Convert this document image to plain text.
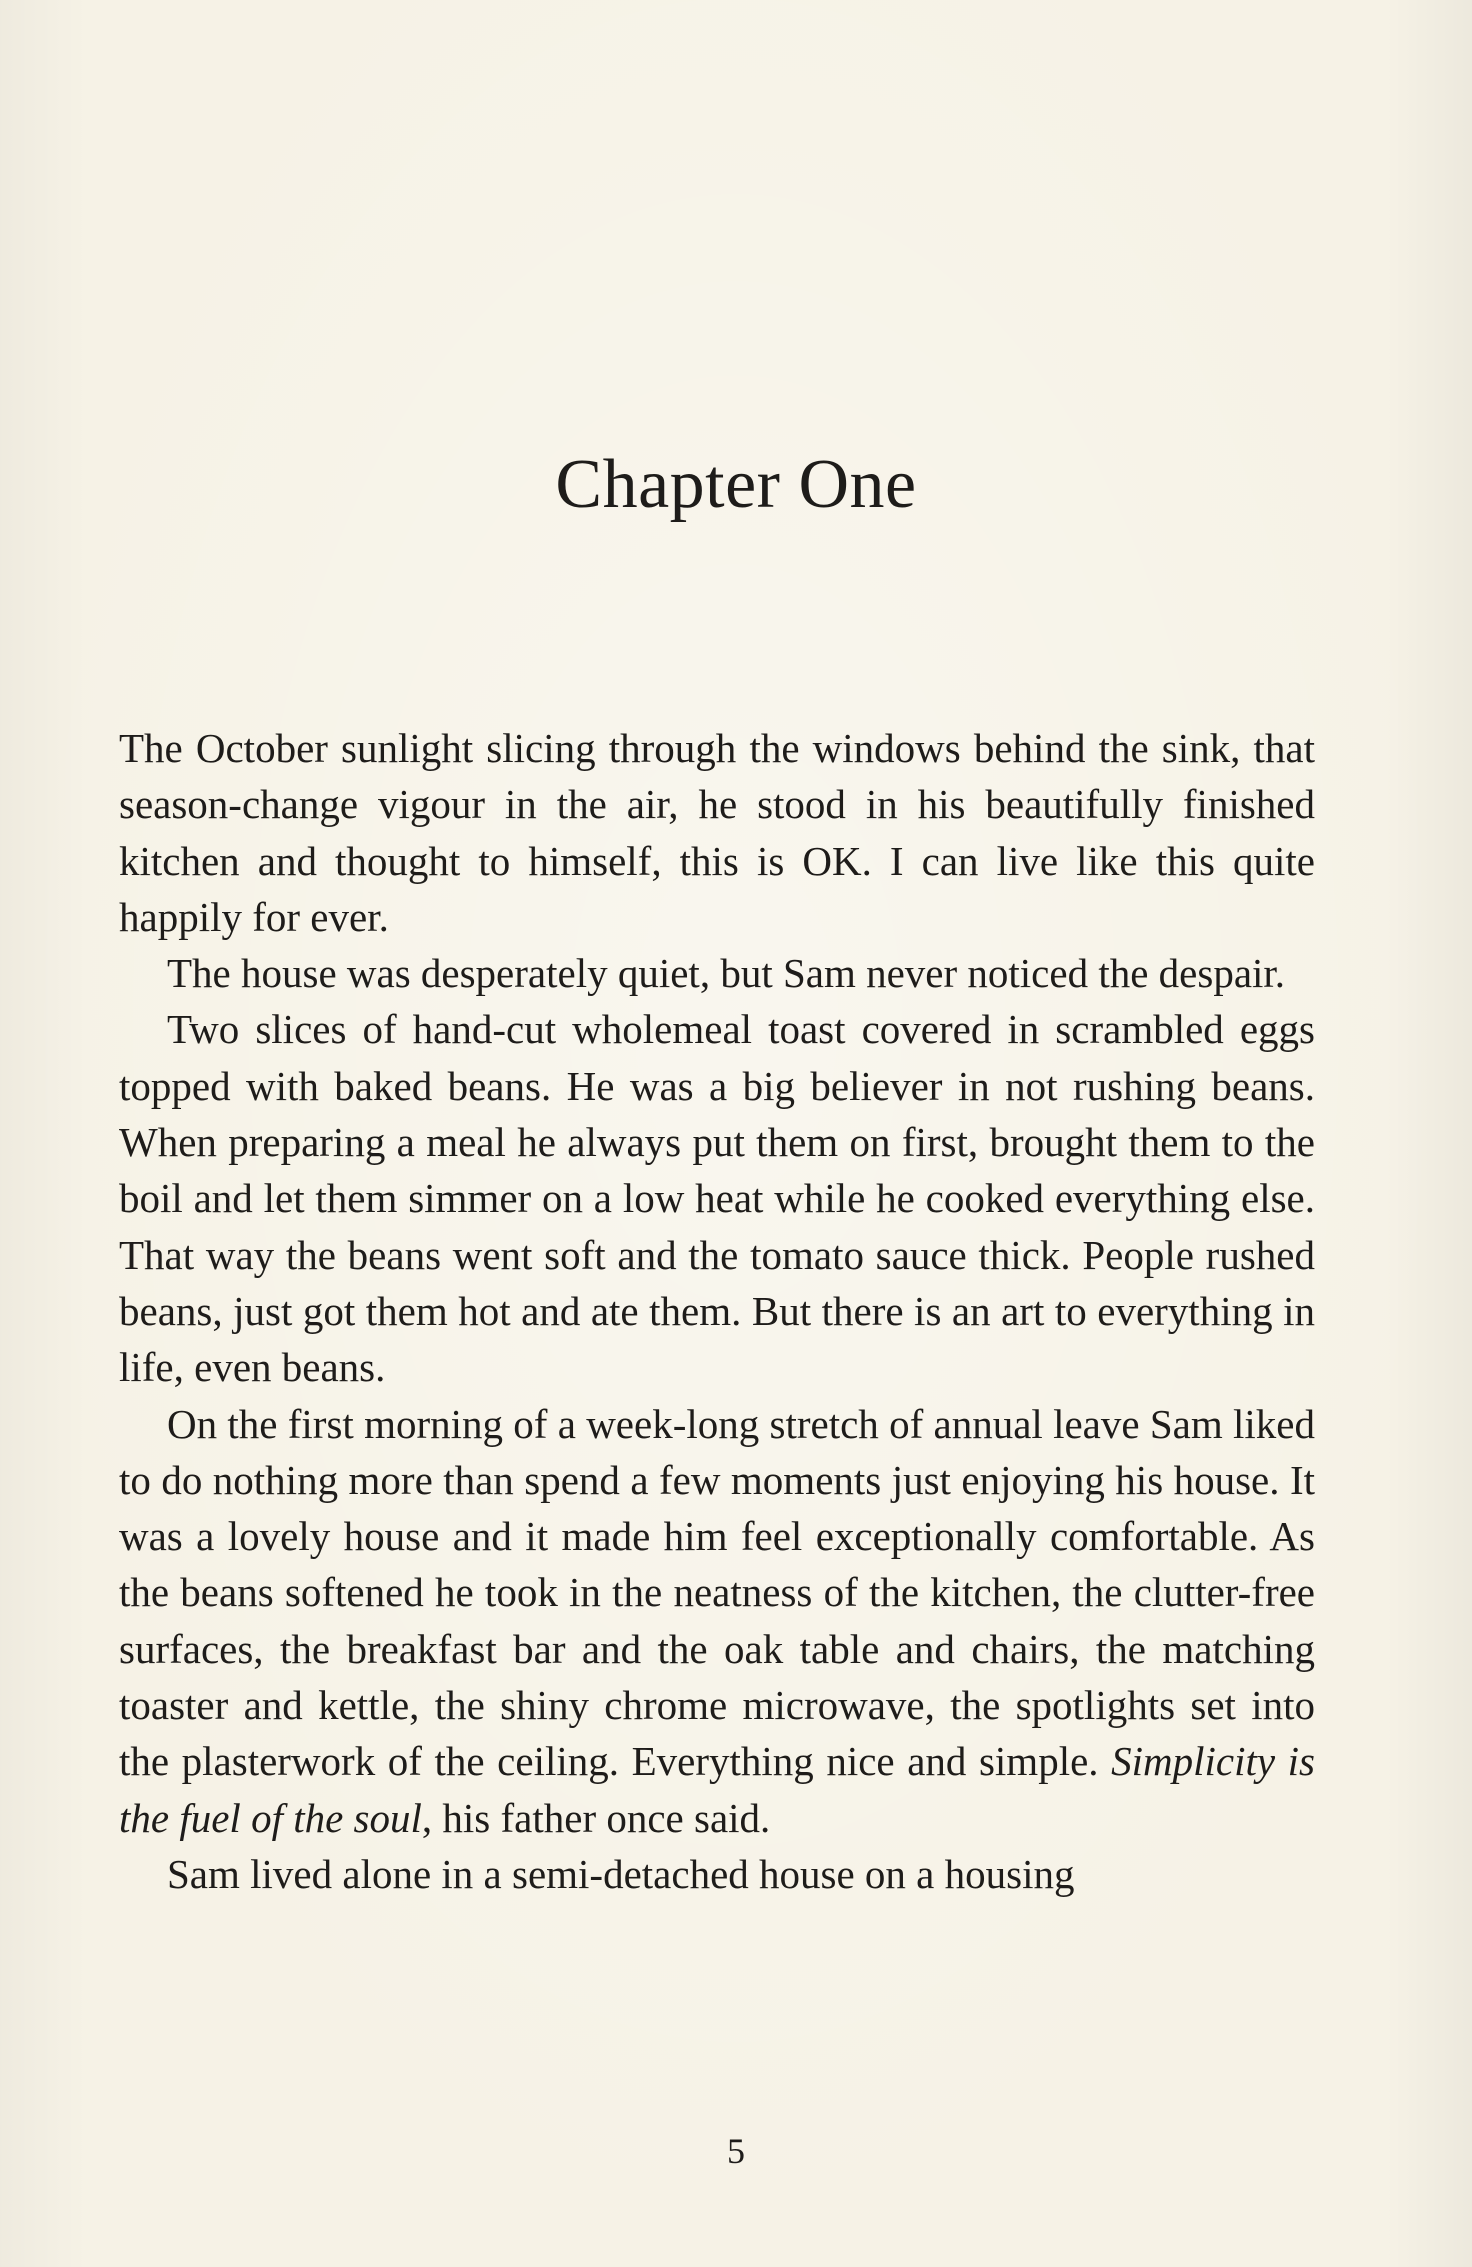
Chapter One

The October sunlight slicing through the windows behind the sink, that season-change vigour in the air, he stood in his beautifully finished kitchen and thought to himself, this is OK. I can live like this quite happily for ever.

The house was desperately quiet, but Sam never noticed the despair.

Two slices of hand-cut wholemeal toast covered in scrambled eggs topped with baked beans. He was a big believer in not rushing beans. When preparing a meal he always put them on first, brought them to the boil and let them simmer on a low heat while he cooked everything else. That way the beans went soft and the tomato sauce thick. People rushed beans, just got them hot and ate them. But there is an art to everything in life, even beans.

On the first morning of a week-long stretch of annual leave Sam liked to do nothing more than spend a few moments just enjoying his house. It was a lovely house and it made him feel exceptionally comfortable. As the beans softened he took in the neatness of the kitchen, the clutter-free surfaces, the breakfast bar and the oak table and chairs, the matching toaster and kettle, the shiny chrome microwave, the spotlights set into the plasterwork of the ceiling. Everything nice and simple. Simplicity is the fuel of the soul, his father once said.

Sam lived alone in a semi-detached house on a housing

5
